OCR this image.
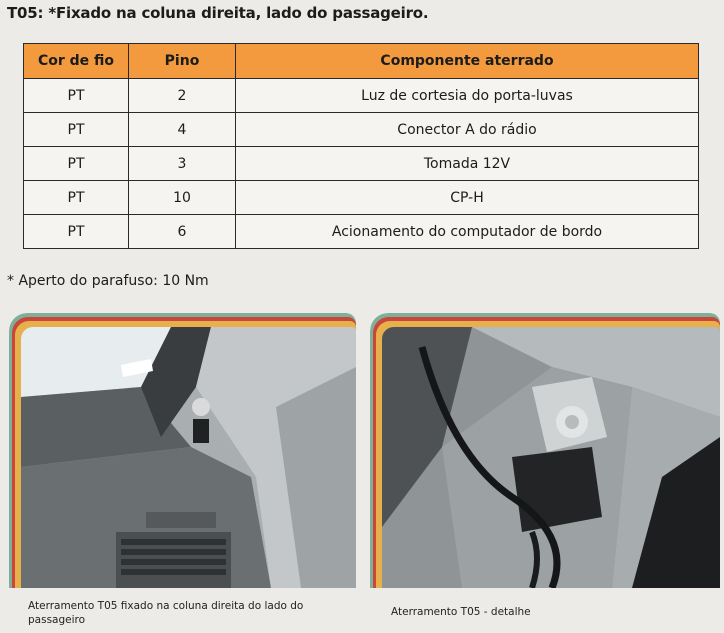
T05: *Fixado na coluna direita, lado do passageiro.
Cor de fio	Pino	Componente aterrado
PT	2	Luz de cortesia do porta-luvas
PT	4	Conector A do rádio
PT	3	Tomada 12V
PT	10	CP-H
PT	6	Acionamento do computador de bordo
* Aperto do parafuso: 10 Nm
Aterramento T05 fixado na coluna direita do lado do
passageiro
Aterramento T05 - detalhe
